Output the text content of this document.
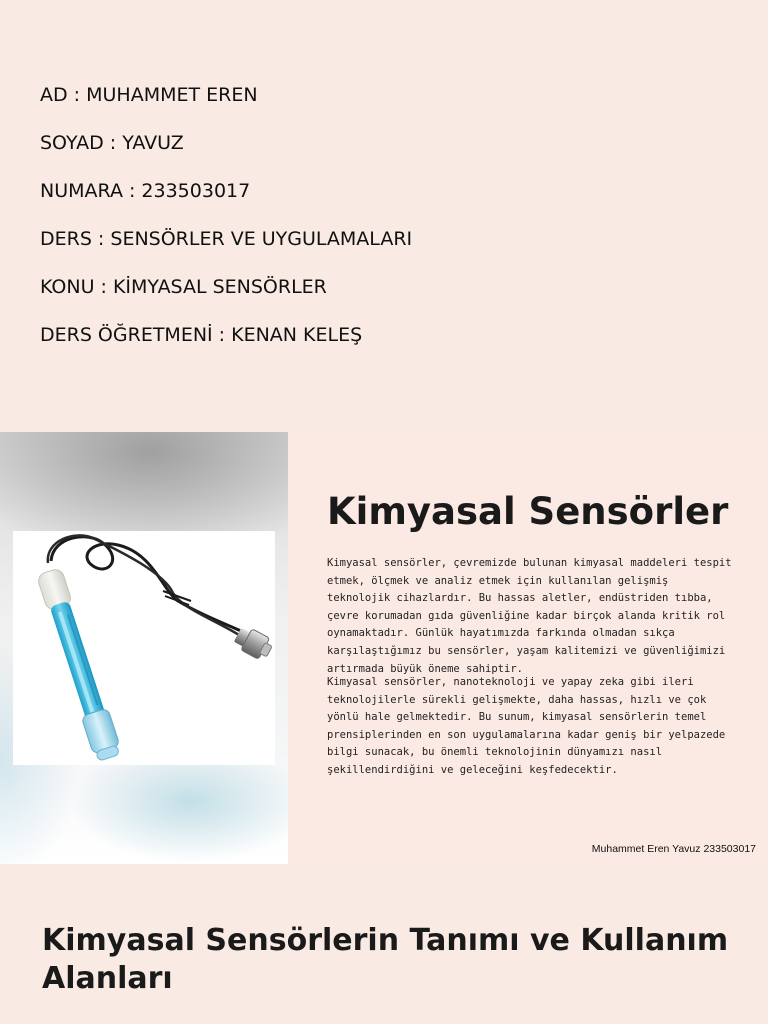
AD : MUHAMMET EREN
SOYAD : YAVUZ
NUMARA : 233503017
DERS : SENSÖRLER VE UYGULAMALARI
KONU : KİMYASAL SENSÖRLER
DERS ÖĞRETMENİ : KENAN KELEŞ
Kimyasal Sensörler

Kimyasal sensörler, çevremizde bulunan kimyasal maddeleri tespit etmek, ölçmek ve analiz etmek için kullanılan gelişmiş teknolojik cihazlardır. Bu hassas aletler, endüstriden tıbba, çevre korumadan gıda güvenliğine kadar birçok alanda kritik rol oynamaktadır. Günlük hayatımızda farkında olmadan sıkça karşılaştığımız bu sensörler, yaşam kalitemizi ve güvenliğimizi artırmada büyük öneme sahiptir.

Kimyasal sensörler, nanoteknoloji ve yapay zeka gibi ileri teknolojilerle sürekli gelişmekte, daha hassas, hızlı ve çok yönlü hale gelmektedir. Bu sunum, kimyasal sensörlerin temel prensiplerinden en son uygulamalarına kadar geniş bir yelpazede bilgi sunacak, bu önemli teknolojinin dünyamızı nasıl şekillendirdiğini ve geleceğini keşfedecektir.

Muhammet Eren Yavuz 233503017
Kimyasal Sensörlerin Tanımı ve Kullanım Alanları
